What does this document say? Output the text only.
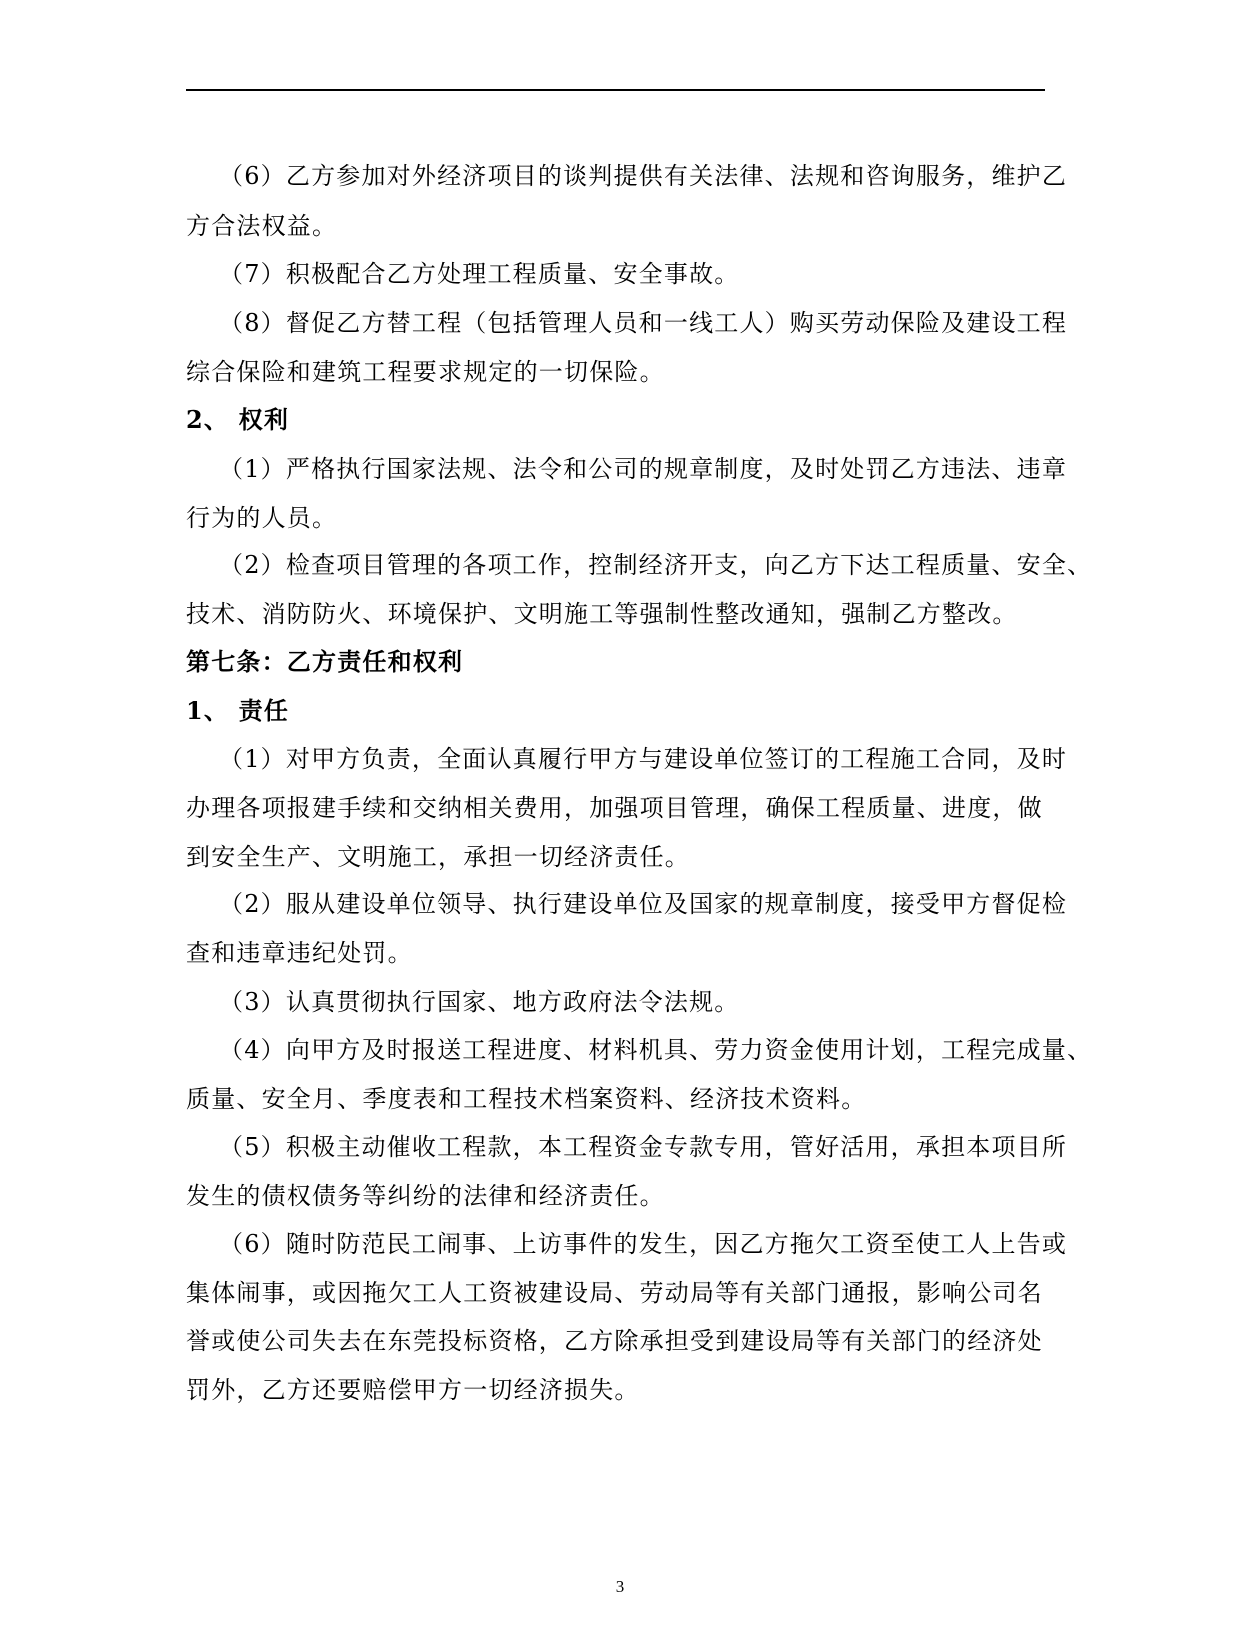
（6）乙方参加对外经济项目的谈判提供有关法律、法规和咨询服务，维护乙
方合法权益。
（7）积极配合乙方处理工程质量、安全事故。
（8）督促乙方替工程（包括管理人员和一线工人）购买劳动保险及建设工程
综合保险和建筑工程要求规定的一切保险。
2、 权利
（1）严格执行国家法规、法令和公司的规章制度，及时处罚乙方违法、违章
行为的人员。
（2）检查项目管理的各项工作，控制经济开支，向乙方下达工程质量、安全、
技术、消防防火、环境保护、文明施工等强制性整改通知，强制乙方整改。
第七条：乙方责任和权利
1、 责任
（1）对甲方负责，全面认真履行甲方与建设单位签订的工程施工合同，及时
办理各项报建手续和交纳相关费用，加强项目管理，确保工程质量、进度，做
到安全生产、文明施工，承担一切经济责任。
（2）服从建设单位领导、执行建设单位及国家的规章制度，接受甲方督促检
查和违章违纪处罚。
（3）认真贯彻执行国家、地方政府法令法规。
（4）向甲方及时报送工程进度、材料机具、劳力资金使用计划，工程完成量、
质量、安全月、季度表和工程技术档案资料、经济技术资料。
（5）积极主动催收工程款，本工程资金专款专用，管好活用，承担本项目所
发生的债权债务等纠纷的法律和经济责任。
（6）随时防范民工闹事、上访事件的发生，因乙方拖欠工资至使工人上告或
集体闹事，或因拖欠工人工资被建设局、劳动局等有关部门通报，影响公司名
誉或使公司失去在东莞投标资格，乙方除承担受到建设局等有关部门的经济处
罚外，乙方还要赔偿甲方一切经济损失。
3
